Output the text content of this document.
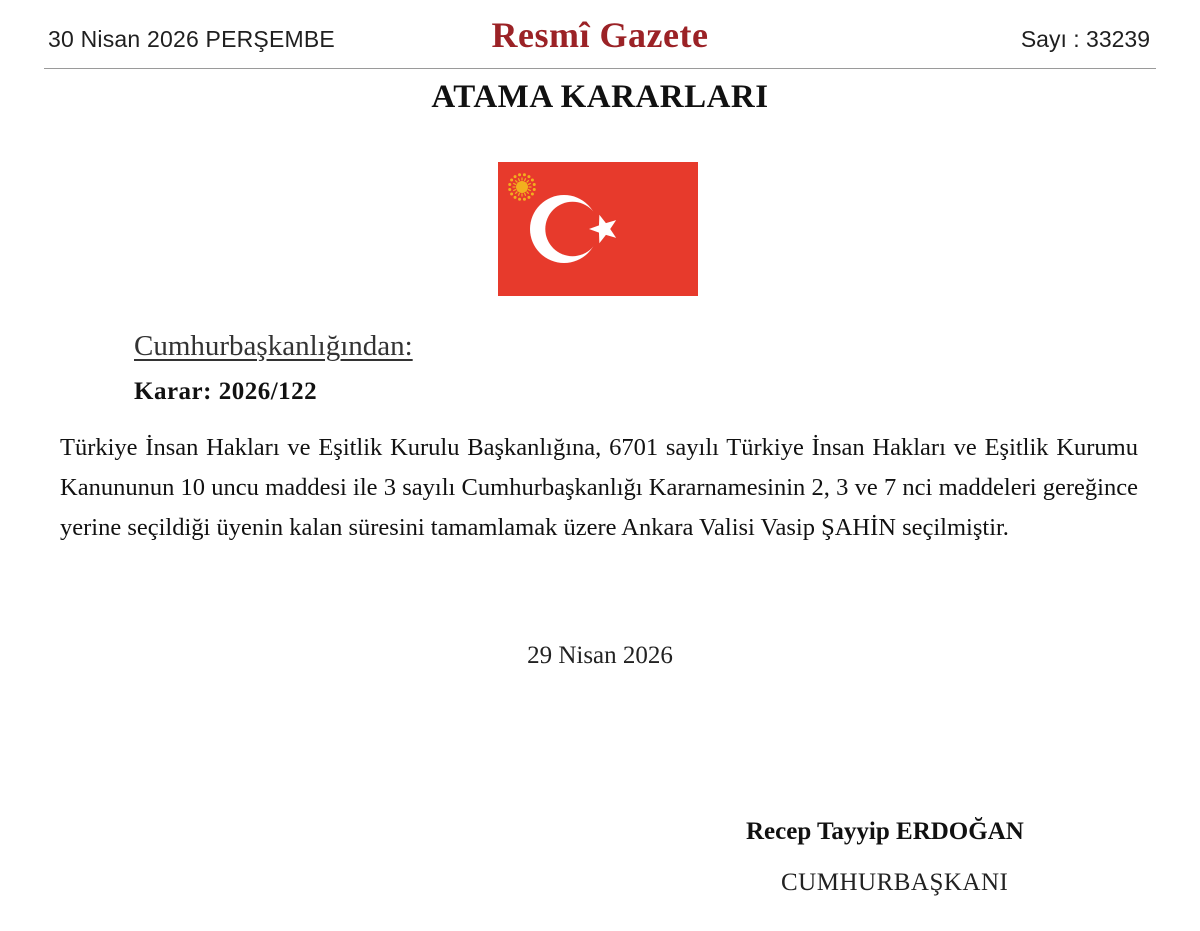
30 Nisan 2026 PERŞEMBE	Resmî Gazete	Sayı : 33239
ATAMA KARARLARI
Cumhurbaşkanlığından:
Karar: 2026/122
Türkiye İnsan Hakları ve Eşitlik Kurulu Başkanlığına, 6701 sayılı Türkiye İnsan Hakları ve Eşitlik Kurumu Kanununun 10 uncu maddesi ile 3 sayılı Cumhurbaşkanlığı Kararnamesinin 2, 3 ve 7 nci maddeleri gereğince yerine seçildiği üyenin kalan süresini tamamlamak üzere Ankara Valisi Vasip ŞAHİN seçilmiştir.
29 Nisan 2026
Recep Tayyip ERDOĞAN
CUMHURBAŞKANI
